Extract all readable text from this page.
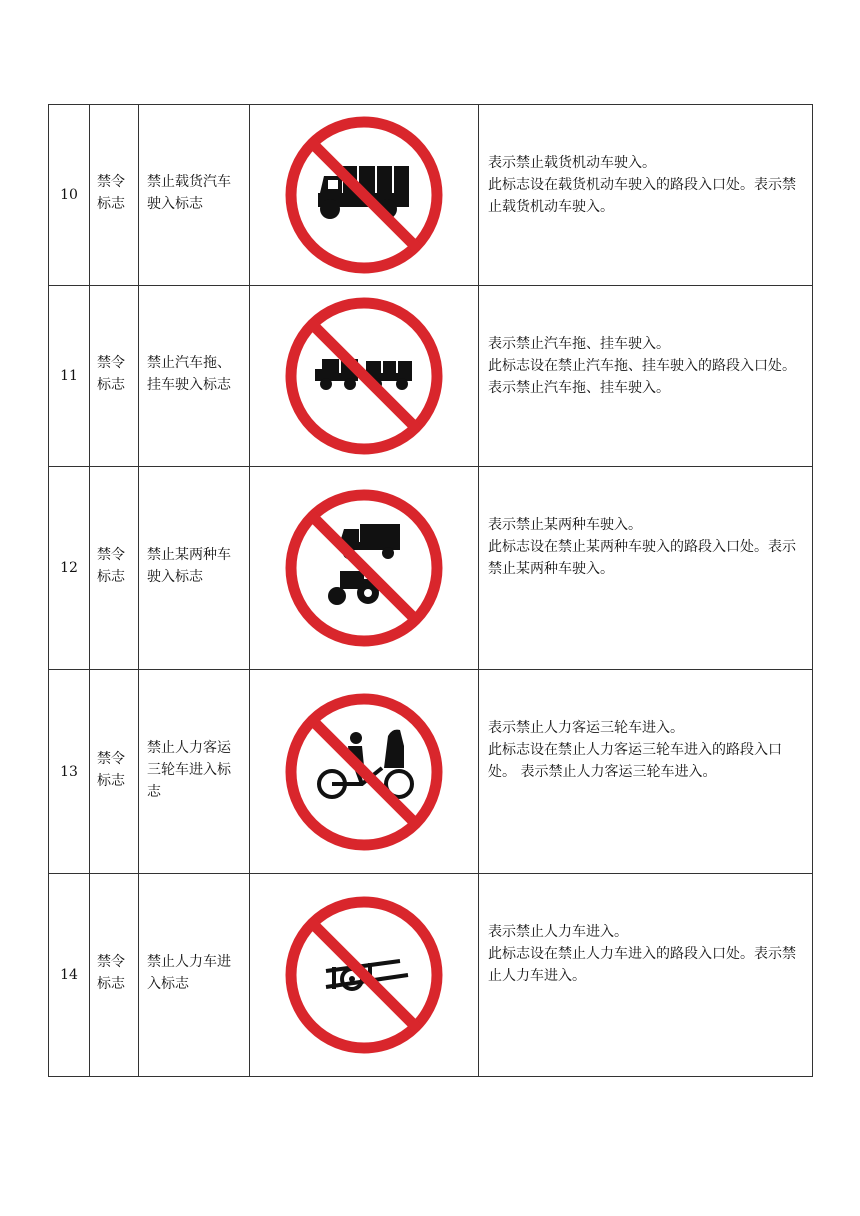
10	禁令标志	禁止载货汽车驶入标志		表示禁止载货机动车驶入。

此标志设在载货机动车驶入的路段入口处。表示禁止载货机动车驶入。

11	禁令标志	禁止汽车拖、挂车驶入标志		表示禁止汽车拖、挂车驶入。

此标志设在禁止汽车拖、挂车驶入的路段入口处。 表示禁止汽车拖、挂车驶入。

12	禁令标志	禁止某两种车驶入标志		表示禁止某两种车驶入。

此标志设在禁止某两种车驶入的路段入口处。表示禁止某两种车驶入。

13	禁令标志	禁止人力客运三轮车进入标志		表示禁止人力客运三轮车进入。

此标志设在禁止人力客运三轮车进入的路段入口处。 表示禁止人力客运三轮车进入。

14	禁令标志	禁止人力车进入标志		表示禁止人力车进入。

此标志设在禁止人力车进入的路段入口处。表示禁止人力车进入。
